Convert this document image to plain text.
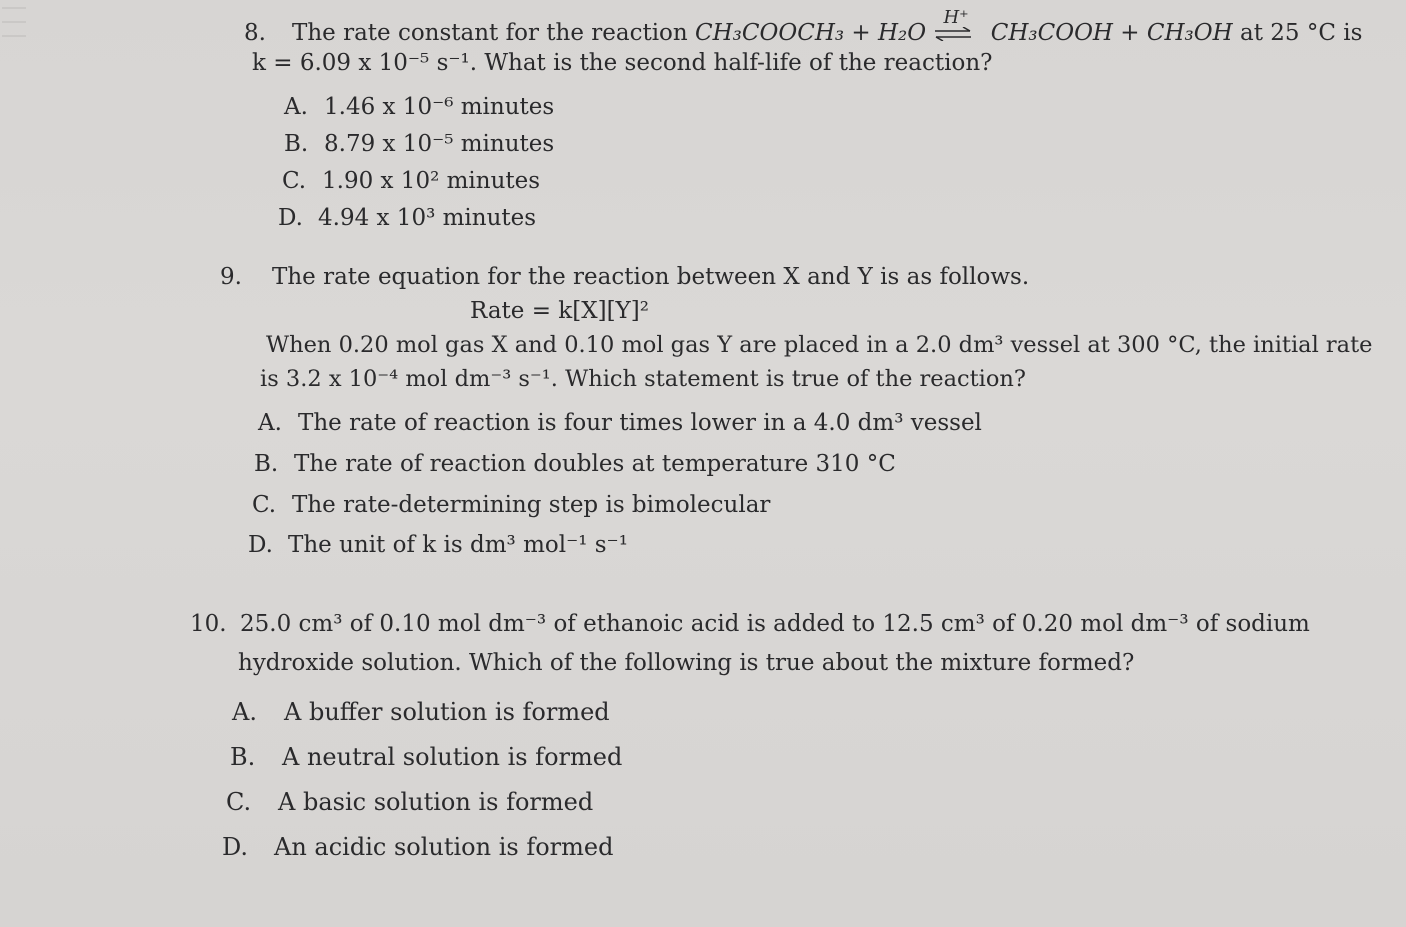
8. The rate constant for the reaction CH₃COOCH₃ + H₂O
H⁺
CH₃COOH + CH₃OH at 25 °C is
k = 6.09 x 10⁻⁵ s⁻¹. What is the second half-life of the reaction?
A. 1.46 x 10⁻⁶ minutes
B. 8.79 x 10⁻⁵ minutes
C. 1.90 x 10² minutes
D. 4.94 x 10³ minutes
9. The rate equation for the reaction between X and Y is as follows.
Rate = k[X][Y]²
When 0.20 mol gas X and 0.10 mol gas Y are placed in a 2.0 dm³ vessel at 300 °C, the initial rate
is 3.2 x 10⁻⁴ mol dm⁻³ s⁻¹. Which statement is true of the reaction?
A. The rate of reaction is four times lower in a 4.0 dm³ vessel
B. The rate of reaction doubles at temperature 310 °C
C. The rate-determining step is bimolecular
D. The unit of k is dm³ mol⁻¹ s⁻¹
10. 25.0 cm³ of 0.10 mol dm⁻³ of ethanoic acid is added to 12.5 cm³ of 0.20 mol dm⁻³ of sodium
hydroxide solution. Which of the following is true about the mixture formed?
A. A buffer solution is formed
B. A neutral solution is formed
C. A basic solution is formed
D. An acidic solution is formed
